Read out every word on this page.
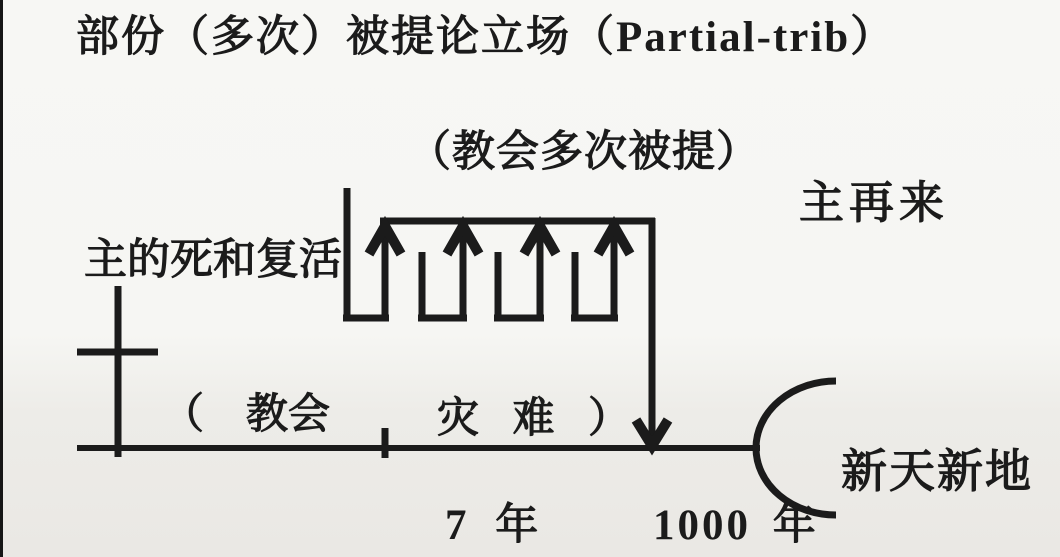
部份（多次）被提论立场（Partial-trib）
（教会多次被提）
主再来
主的死和复活
（　教会	灾 难 ）
7 年	1000 年
新天新地
